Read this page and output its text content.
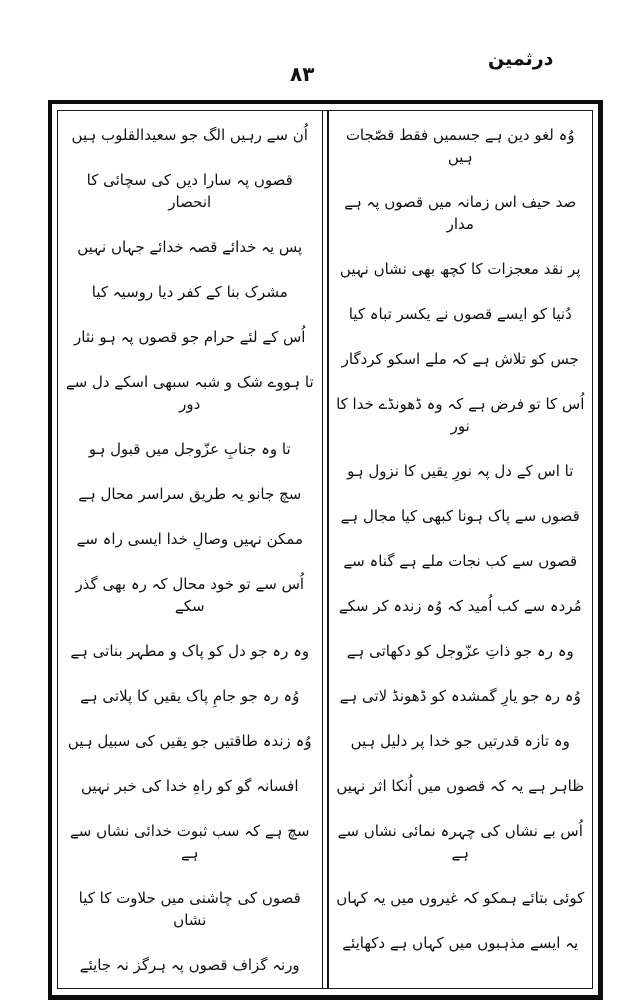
درثمین
۸۳
وُہ لغو دین ہے جسمیں فقط قصّجات ہیں
صد حیف اس زمانہ میں قصوں پہ ہے مدار
پر نقد معجزات کا کچھ بھی نشاں نہیں
دُنیا کو ایسے قصوں نے یکسر تباہ کیا
جس کو تلاش ہے کہ ملے اسکو کردگار
اُس کا تو فرض ہے کہ وہ ڈھونڈے خدا کا نور
تا اس کے دل پہ نورِ یقیں کا نزول ہو
قصوں سے پاک ہونا کبھی کیا مجال ہے
قصوں سے کب نجات ملے ہے گناہ سے
مُردہ سے کب اُمید کہ وُہ زندہ کر سکے
وہ رہ جو ذاتِ عزّوجل کو دکھاتی ہے
وُہ رہ جو یارِ گمشدہ کو ڈھونڈ لاتی ہے
وہ تازہ قدرتیں جو خدا پر دلیل ہیں
ظاہر ہے یہ کہ قصوں میں اُنکا اثر نہیں
اُس بے نشاں کی چہرہ نمائی نشاں سے ہے
کوئی بتائے ہمکو کہ غیروں میں یہ کہاں
یہ ایسے مذہبوں میں کہاں ہے دکھایئے
اُن سے رہیں الگ جو سعیدالقلوب ہیں
قصوں پہ سارا دیں کی سچائی کا انحصار
پس یہ خدائے قصہ خدائے جہاں نہیں
مشرک بنا کے کفر دیا روسیہ کیا
اُس کے لئے حرام جو قصوں پہ ہو نثار
تا ہووے شک و شبہ سبھی اسکے دل سے دور
تا وہ جنابِ عزّوجل میں قبول ہو
سچ جانو یہ طریق سراسر محال ہے
ممکن نہیں وصالِ خدا ایسی راہ سے
اُس سے تو خود محال کہ رہ بھی گذر سکے
وہ رہ جو دل کو پاک و مطہر بناتی ہے
وُہ رہ جو جامِ پاک یقیں کا پلاتی ہے
وُہ زندہ طاقتیں جو یقیں کی سبیل ہیں
افسانہ گو کو راہِ خدا کی خبر نہیں
سچ ہے کہ سب ثبوت خدائی نشاں سے ہے
قصوں کی چاشنی میں حلاوت کا کیا نشاں
ورنہ گزاف قصوں پہ ہرگز نہ جایئے
